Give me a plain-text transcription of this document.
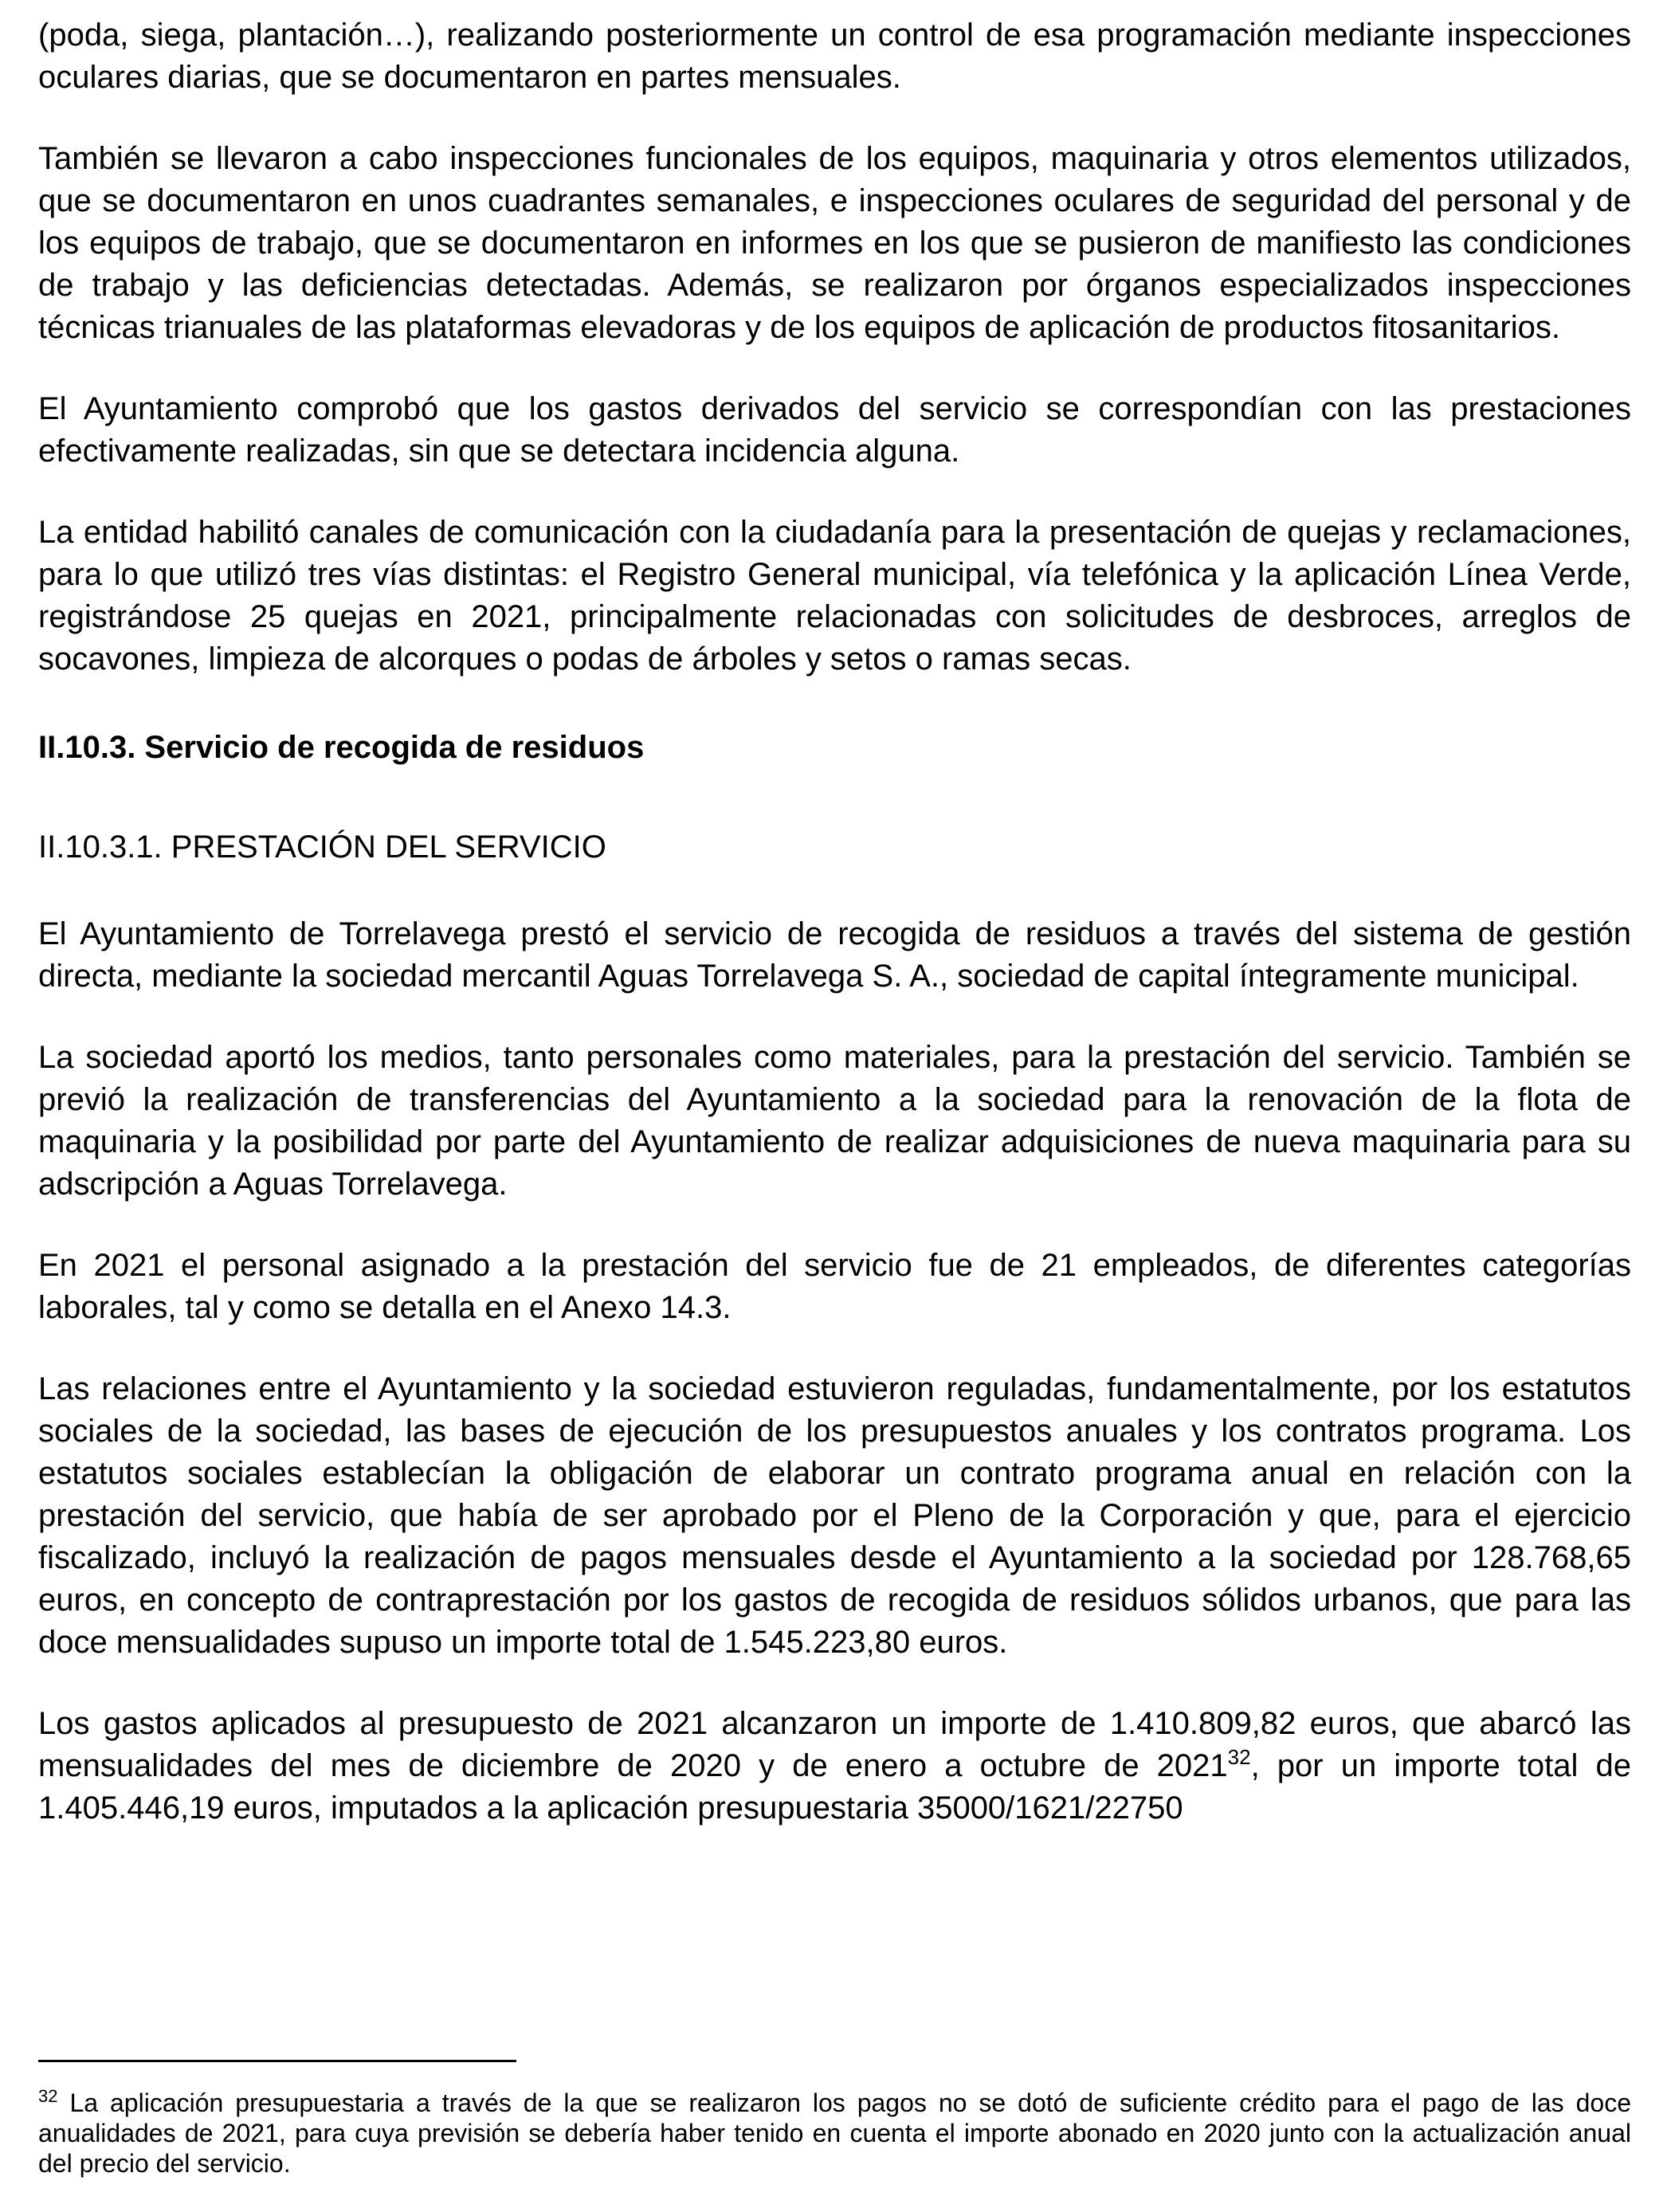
(poda, siega, plantación…), realizando posteriormente un control de esa programación mediante inspecciones oculares diarias, que se documentaron en partes mensuales.

También se llevaron a cabo inspecciones funcionales de los equipos, maquinaria y otros elementos utilizados, que se documentaron en unos cuadrantes semanales, e inspecciones oculares de seguridad del personal y de los equipos de trabajo, que se documentaron en informes en los que se pusieron de manifiesto las condiciones de trabajo y las deficiencias detectadas. Además, se realizaron por órganos especializados inspecciones técnicas trianuales de las plataformas elevadoras y de los equipos de aplicación de productos fitosanitarios.

El Ayuntamiento comprobó que los gastos derivados del servicio se correspondían con las prestaciones efectivamente realizadas, sin que se detectara incidencia alguna.

La entidad habilitó canales de comunicación con la ciudadanía para la presentación de quejas y reclamaciones, para lo que utilizó tres vías distintas: el Registro General municipal, vía telefónica y la aplicación Línea Verde, registrándose 25 quejas en 2021, principalmente relacionadas con solicitudes de desbroces, arreglos de socavones, limpieza de alcorques o podas de árboles y setos o ramas secas.

II.10.3. Servicio de recogida de residuos
II.10.3.1. PRESTACIÓN DEL SERVICIO

El Ayuntamiento de Torrelavega prestó el servicio de recogida de residuos a través del sistema de gestión directa, mediante la sociedad mercantil Aguas Torrelavega S. A., sociedad de capital íntegramente municipal.

La sociedad aportó los medios, tanto personales como materiales, para la prestación del servicio. También se previó la realización de transferencias del Ayuntamiento a la sociedad para la renovación de la flota de maquinaria y la posibilidad por parte del Ayuntamiento de realizar adquisiciones de nueva maquinaria para su adscripción a Aguas Torrelavega.

En 2021 el personal asignado a la prestación del servicio fue de 21 empleados, de diferentes categorías laborales, tal y como se detalla en el Anexo 14.3.

Las relaciones entre el Ayuntamiento y la sociedad estuvieron reguladas, fundamentalmente, por los estatutos sociales de la sociedad, las bases de ejecución de los presupuestos anuales y los contratos programa. Los estatutos sociales establecían la obligación de elaborar un contrato programa anual en relación con la prestación del servicio, que había de ser aprobado por el Pleno de la Corporación y que, para el ejercicio fiscalizado, incluyó la realización de pagos mensuales desde el Ayuntamiento a la sociedad por 128.768,65 euros, en concepto de contraprestación por los gastos de recogida de residuos sólidos urbanos, que para las doce mensualidades supuso un importe total de 1.545.223,80 euros.

Los gastos aplicados al presupuesto de 2021 alcanzaron un importe de 1.410.809,82 euros, que abarcó las mensualidades del mes de diciembre de 2020 y de enero a octubre de 2021$^{32}$, por un importe total de 1.405.446,19 euros, imputados a la aplicación presupuestaria 35000/1621/22750

$^{32}$ La aplicación presupuestaria a través de la que se realizaron los pagos no se dotó de suficiente crédito para el pago de las doce anualidades de 2021, para cuya previsión se debería haber tenido en cuenta el importe abonado en 2020 junto con la actualización anual del precio del servicio.
